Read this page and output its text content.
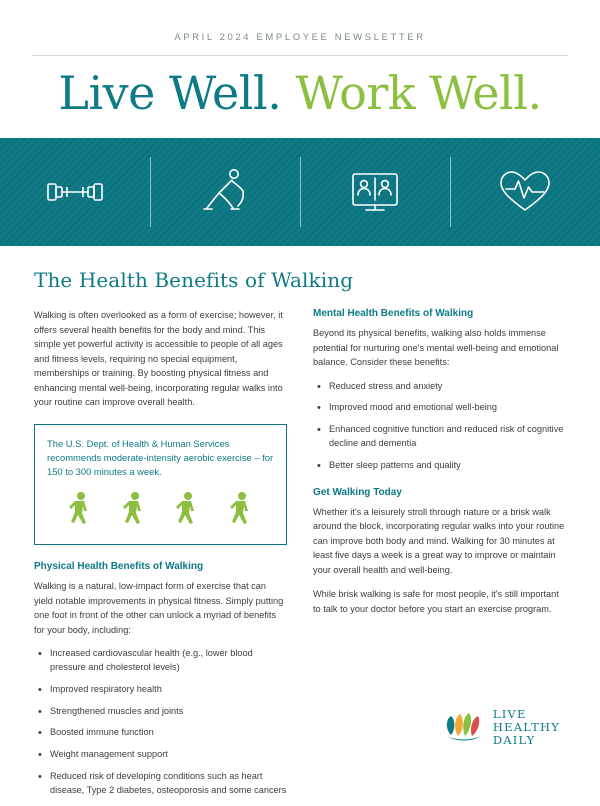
APRIL 2024 EMPLOYEE NEWSLETTER
Live Well. Work Well.
The Health Benefits of Walking

Walking is often overlooked as a form of exercise; however, it offers several health benefits for the body and mind. This simple yet powerful activity is accessible to people of all ages and fitness levels, requiring no special equipment, memberships or training. By boosting physical fitness and enhancing mental well-being, incorporating regular walks into your routine can improve overall health.

The U.S. Dept. of Health & Human Services recommends moderate-intensity aerobic exercise – for 150 to 300 minutes a week.

Physical Health Benefits of Walking

Walking is a natural, low-impact form of exercise that can yield notable improvements in physical fitness. Simply putting one foot in front of the other can unlock a myriad of benefits for your body, including:

• Increased cardiovascular health (e.g., lower blood pressure and cholesterol levels)
• Improved respiratory health
• Strengthened muscles and joints
• Boosted immune function
• Weight management support
• Reduced risk of developing conditions such as heart disease, Type 2 diabetes, osteoporosis and some cancers
Mental Health Benefits of Walking

Beyond its physical benefits, walking also holds immense potential for nurturing one's mental well-being and emotional balance. Consider these benefits:

• Reduced stress and anxiety
• Improved mood and emotional well-being
• Enhanced cognitive function and reduced risk of cognitive decline and dementia
• Better sleep patterns and quality
Get Walking Today

Whether it's a leisurely stroll through nature or a brisk walk around the block, incorporating regular walks into your routine can improve both body and mind. Walking for 30 minutes at least five days a week is a great way to improve or maintain your overall health and well-being.

While brisk walking is safe for most people, it's still important to talk to your doctor before you start an exercise program.

LIVE
HEALTHY
DAILY
